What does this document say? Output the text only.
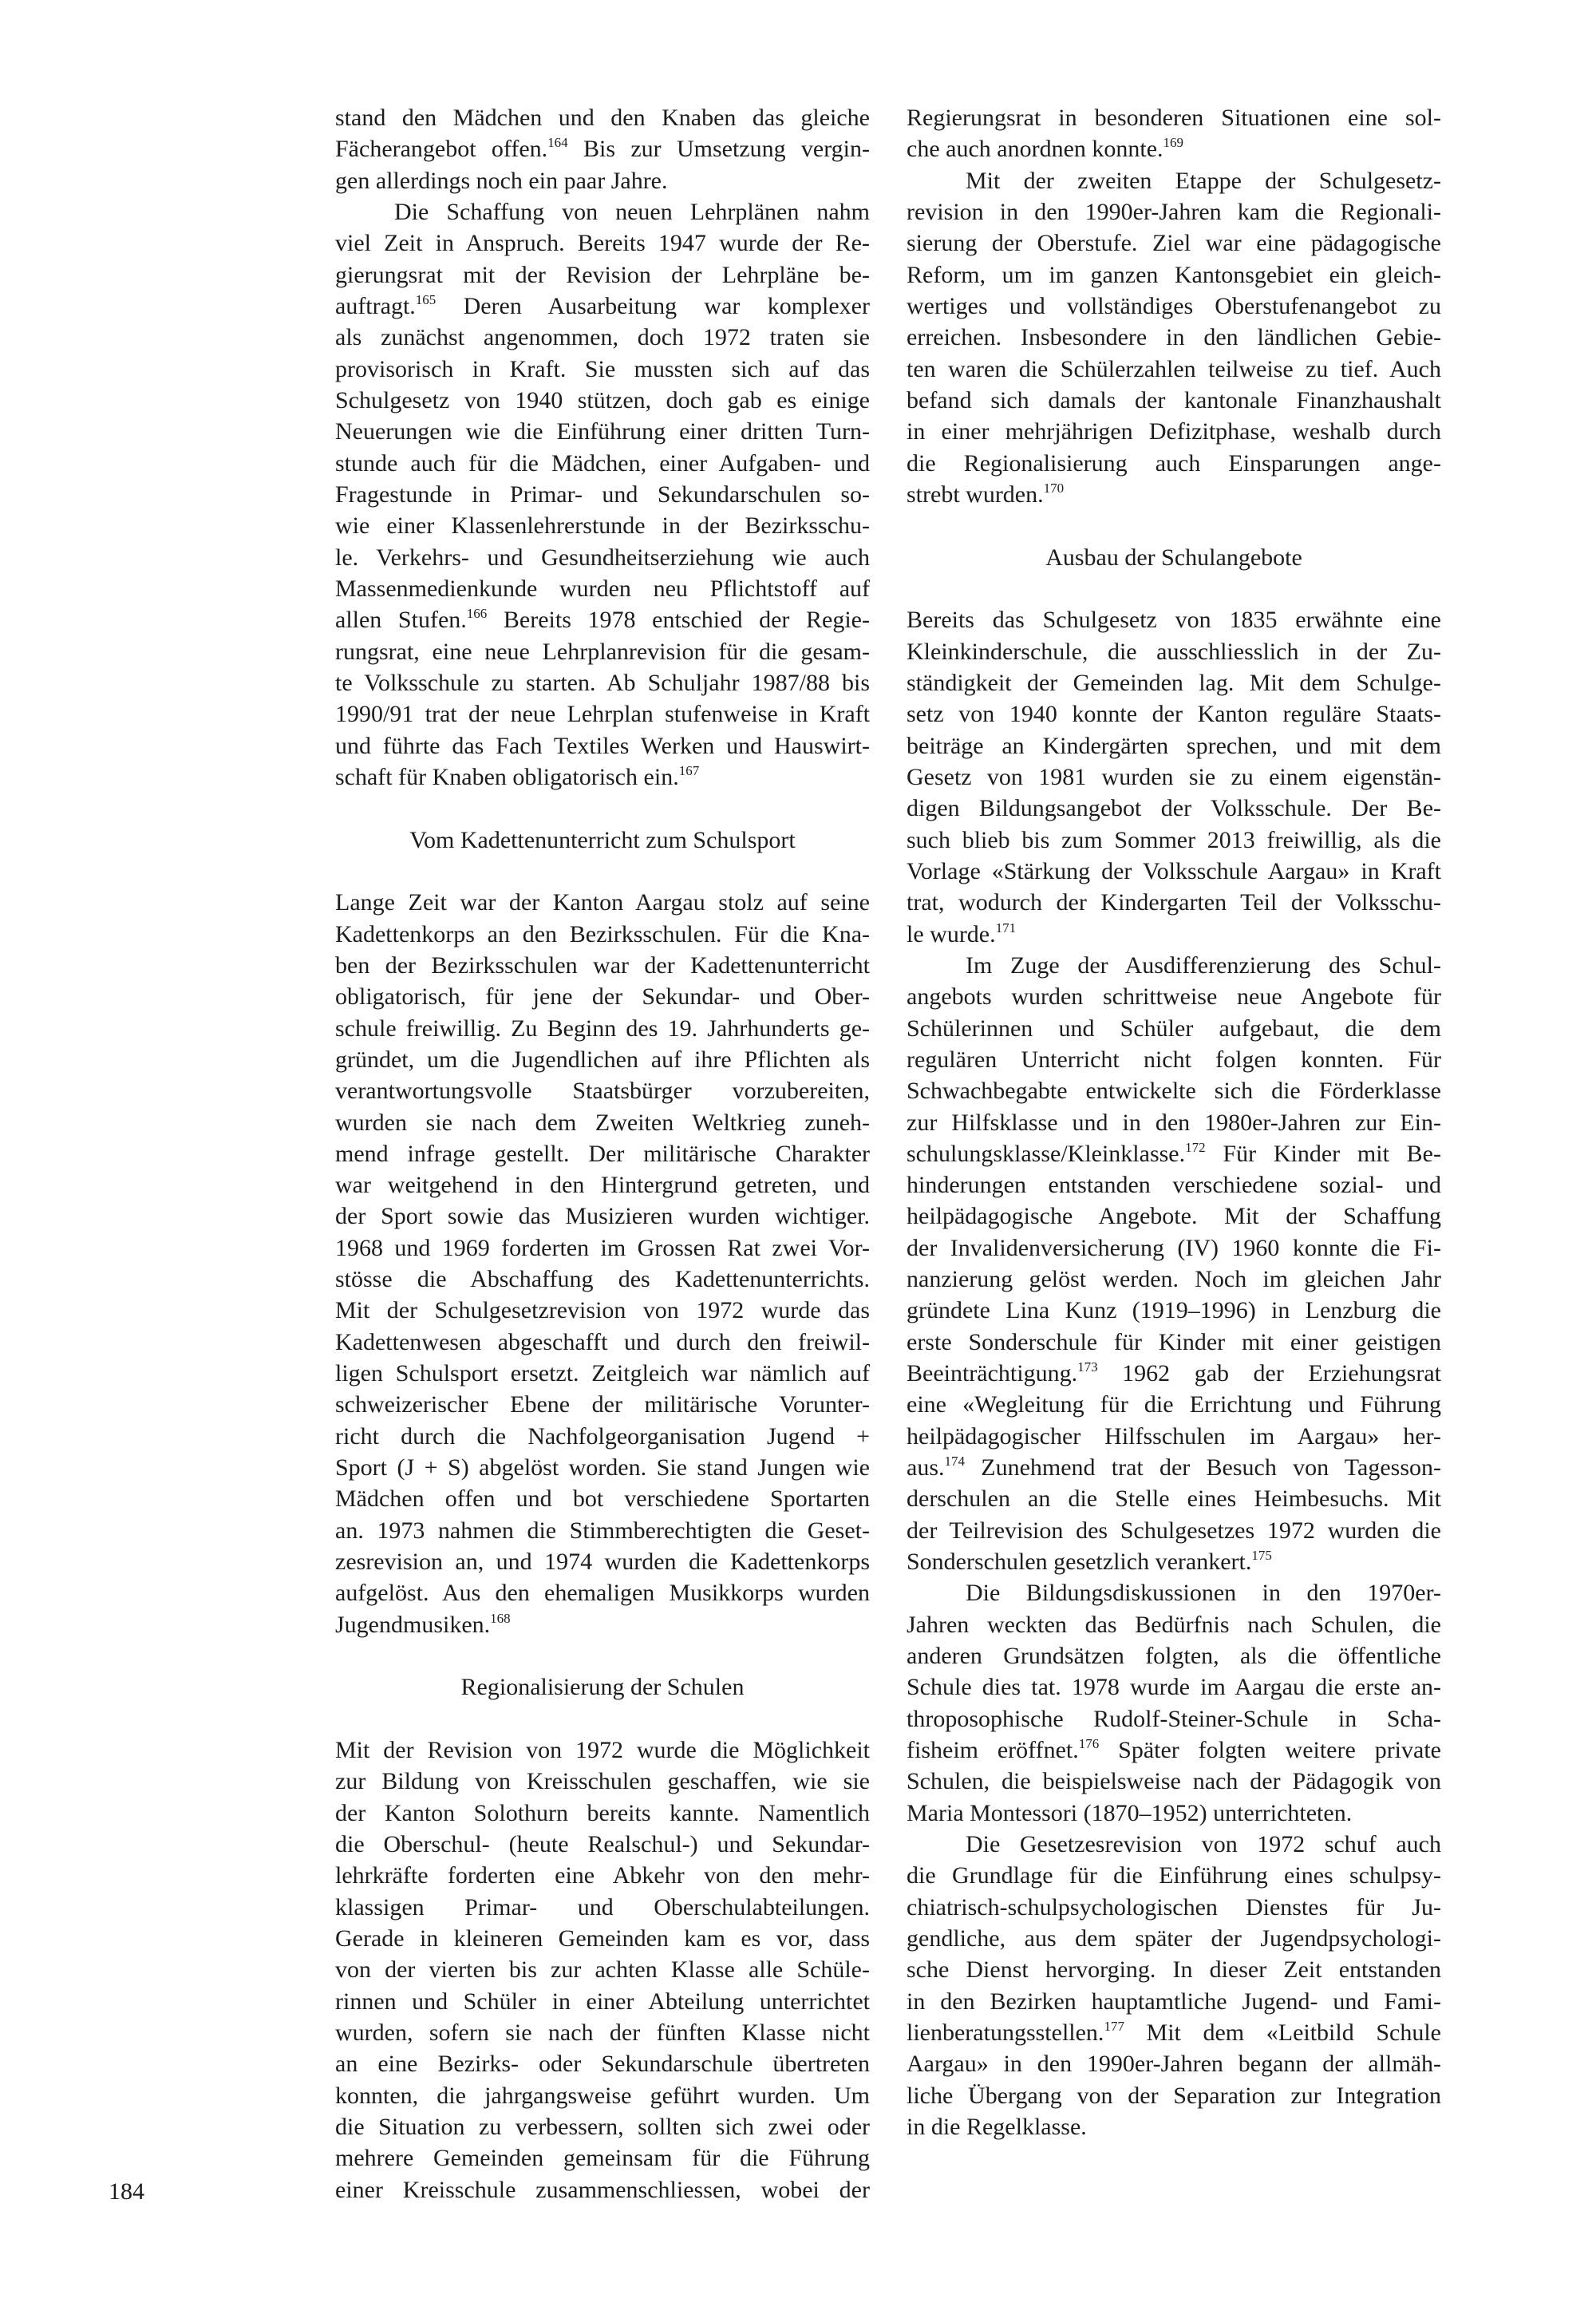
stand den Mädchen und den Knaben das gleiche
Fächerangebot offen.$^{164}$ Bis zur Umsetzung vergin-
gen allerdings noch ein paar Jahre.
Die Schaffung von neuen Lehrplänen nahm
viel Zeit in Anspruch. Bereits 1947 wurde der Re-
gierungsrat mit der Revision der Lehrpläne be-
auftragt.$^{165}$ Deren Ausarbeitung war komplexer
als zunächst angenommen, doch 1972 traten sie
provisorisch in Kraft. Sie mussten sich auf das
Schulgesetz von 1940 stützen, doch gab es einige
Neuerungen wie die Einführung einer dritten Turn-
stunde auch für die Mädchen, einer Aufgaben- und
Fragestunde in Primar- und Sekundarschulen so-
wie einer Klassenlehrerstunde in der Bezirksschu-
le. Verkehrs- und Gesundheitserziehung wie auch
Massenmedienkunde wurden neu Pflichtstoff auf
allen Stufen.$^{166}$ Bereits 1978 entschied der Regie-
rungsrat, eine neue Lehrplanrevision für die gesam-
te Volksschule zu starten. Ab Schuljahr 1987/88 bis
1990/91 trat der neue Lehrplan stufenweise in Kraft
und führte das Fach Textiles Werken und Hauswirt-
schaft für Knaben obligatorisch ein.$^{167}$
Vom Kadettenunterricht zum Schulsport
Lange Zeit war der Kanton Aargau stolz auf seine
Kadettenkorps an den Bezirksschulen. Für die Kna-
ben der Bezirksschulen war der Kadettenunterricht
obligatorisch, für jene der Sekundar- und Ober-
schule freiwillig. Zu Beginn des 19. Jahrhunderts ge-
gründet, um die Jugendlichen auf ihre Pflichten als
verantwortungsvolle Staatsbürger vorzubereiten,
wurden sie nach dem Zweiten Weltkrieg zuneh-
mend infrage gestellt. Der militärische Charakter
war weitgehend in den Hintergrund getreten, und
der Sport sowie das Musizieren wurden wichtiger.
1968 und 1969 forderten im Grossen Rat zwei Vor-
stösse die Abschaffung des Kadettenunterrichts.
Mit der Schulgesetzrevision von 1972 wurde das
Kadettenwesen abgeschafft und durch den freiwil-
ligen Schulsport ersetzt. Zeitgleich war nämlich auf
schweizerischer Ebene der militärische Vorunter-
richt durch die Nachfolgeorganisation Jugend +
Sport (J + S) abgelöst worden. Sie stand Jungen wie
Mädchen offen und bot verschiedene Sportarten
an. 1973 nahmen die Stimmberechtigten die Geset-
zesrevision an, und 1974 wurden die Kadettenkorps
aufgelöst. Aus den ehemaligen Musikkorps wurden
Jugendmusiken.$^{168}$
Regionalisierung der Schulen
Mit der Revision von 1972 wurde die Möglichkeit
zur Bildung von Kreisschulen geschaffen, wie sie
der Kanton Solothurn bereits kannte. Namentlich
die Oberschul- (heute Realschul-) und Sekundar-
lehrkräfte forderten eine Abkehr von den mehr-
klassigen Primar- und Oberschulabteilungen.
Gerade in kleineren Gemeinden kam es vor, dass
von der vierten bis zur achten Klasse alle Schüle-
rinnen und Schüler in einer Abteilung unterrichtet
wurden, sofern sie nach der fünften Klasse nicht
an eine Bezirks- oder Sekundarschule übertreten
konnten, die jahrgangsweise geführt wurden. Um
die Situation zu verbessern, sollten sich zwei oder
mehrere Gemeinden gemeinsam für die Führung
einer Kreisschule zusammenschliessen, wobei der
Regierungsrat in besonderen Situationen eine sol-
che auch anordnen konnte.$^{169}$
Mit der zweiten Etappe der Schulgesetz-
revision in den 1990er-Jahren kam die Regionali-
sierung der Oberstufe. Ziel war eine pädagogische
Reform, um im ganzen Kantonsgebiet ein gleich-
wertiges und vollständiges Oberstufenangebot zu
erreichen. Insbesondere in den ländlichen Gebie-
ten waren die Schülerzahlen teilweise zu tief. Auch
befand sich damals der kantonale Finanzhaushalt
in einer mehrjährigen Defizitphase, weshalb durch
die Regionalisierung auch Einsparungen ange-
strebt wurden.$^{170}$
Ausbau der Schulangebote
Bereits das Schulgesetz von 1835 erwähnte eine
Kleinkinderschule, die ausschliesslich in der Zu-
ständigkeit der Gemeinden lag. Mit dem Schulge-
setz von 1940 konnte der Kanton reguläre Staats-
beiträge an Kindergärten sprechen, und mit dem
Gesetz von 1981 wurden sie zu einem eigenstän-
digen Bildungsangebot der Volksschule. Der Be-
such blieb bis zum Sommer 2013 freiwillig, als die
Vorlage «Stärkung der Volksschule Aargau» in Kraft
trat, wodurch der Kindergarten Teil der Volksschu-
le wurde.$^{171}$
Im Zuge der Ausdifferenzierung des Schul-
angebots wurden schrittweise neue Angebote für
Schülerinnen und Schüler aufgebaut, die dem
regulären Unterricht nicht folgen konnten. Für
Schwachbegabte entwickelte sich die Förderklasse
zur Hilfsklasse und in den 1980er-Jahren zur Ein-
schulungsklasse/Kleinklasse.$^{172}$ Für Kinder mit Be-
hinderungen entstanden verschiedene sozial- und
heilpädagogische Angebote. Mit der Schaffung
der Invalidenversicherung (IV) 1960 konnte die Fi-
nanzierung gelöst werden. Noch im gleichen Jahr
gründete Lina Kunz (1919–1996) in Lenzburg die
erste Sonderschule für Kinder mit einer geistigen
Beeinträchtigung.$^{173}$ 1962 gab der Erziehungsrat
eine «Wegleitung für die Errichtung und Führung
heilpädagogischer Hilfsschulen im Aargau» her-
aus.$^{174}$ Zunehmend trat der Besuch von Tagesson-
derschulen an die Stelle eines Heimbesuchs. Mit
der Teilrevision des Schulgesetzes 1972 wurden die
Sonderschulen gesetzlich verankert.$^{175}$
Die Bildungsdiskussionen in den 1970er-
Jahren weckten das Bedürfnis nach Schulen, die
anderen Grundsätzen folgten, als die öffentliche
Schule dies tat. 1978 wurde im Aargau die erste an-
throposophische Rudolf-Steiner-Schule in Scha-
fisheim eröffnet.$^{176}$ Später folgten weitere private
Schulen, die beispielsweise nach der Pädagogik von
Maria Montessori (1870–1952) unterrichteten.
Die Gesetzesrevision von 1972 schuf auch
die Grundlage für die Einführung eines schulpsy-
chiatrisch-schulpsychologischen Dienstes für Ju-
gendliche, aus dem später der Jugendpsychologi-
sche Dienst hervorging. In dieser Zeit entstanden
in den Bezirken hauptamtliche Jugend- und Fami-
lienberatungsstellen.$^{177}$ Mit dem «Leitbild Schule
Aargau» in den 1990er-Jahren begann der allmäh-
liche Übergang von der Separation zur Integration
in die Regelklasse.
184
